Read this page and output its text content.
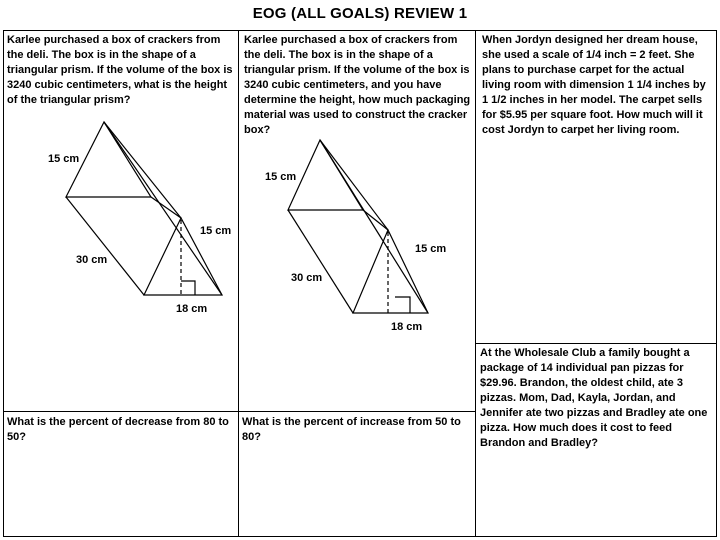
EOG (ALL GOALS) REVIEW 1
Karlee purchased a box of crackers from the deli. The box is in the shape of a triangular prism. If the volume of the box is 3240 cubic centimeters, what is the height of the triangular prism?
Karlee purchased a box of crackers from the deli. The box is in the shape of a triangular prism. If the volume of the box is 3240 cubic centimeters, and you have determine the height, how much packaging material was used to construct the cracker box?
When Jordyn designed her dream house, she used a scale of 1/4 inch = 2 feet. She plans to purchase carpet for the actual living room with dimension 1 1/4 inches by 1 1/2 inches in her model. The carpet sells for $5.95 per square foot. How much will it cost Jordyn to carpet her living room.
At the Wholesale Club a family bought a package of 14 individual pan pizzas for $29.96. Brandon, the oldest child, ate 3 pizzas. Mom, Dad, Kayla, Jordan, and Jennifer ate two pizzas and Bradley ate one pizza. How much does it cost to feed Brandon and Bradley?
What is the percent of decrease from 80 to 50?
What is the percent of increase from 50 to 80?
15 cm
15 cm
30 cm
18 cm
15 cm
15 cm
30 cm
18 cm
